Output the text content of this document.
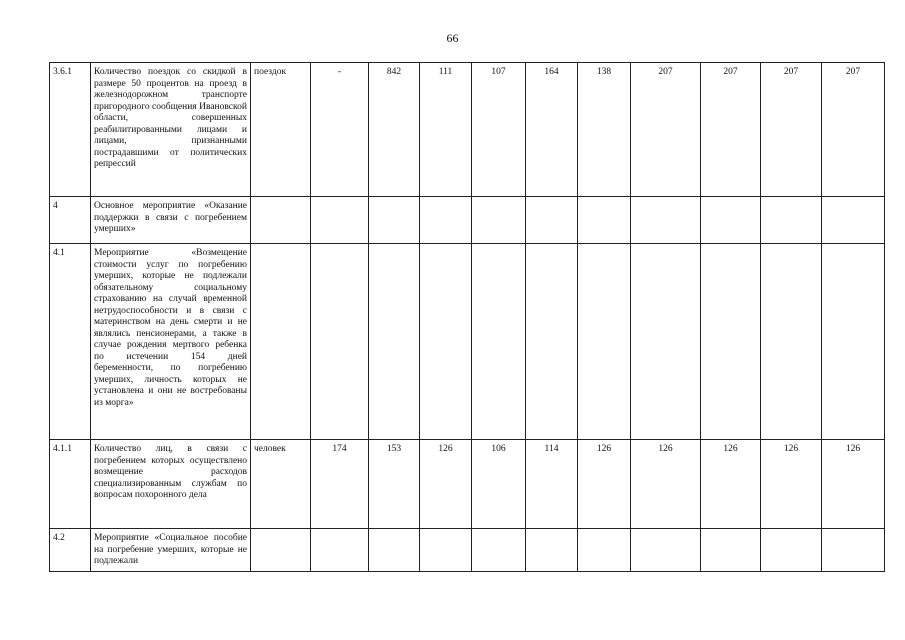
66
3.6.1	Количество поездок со скидкой в размере 50 процентов на проезд в железнодорожном транспорте пригородного сообщения Ивановской области, совершенных реабилитированными лицами и лицами, признанными пострадавшими от политических репрессий	поездок	-	842	111	107	164	138	207	207	207	207
4	Основное мероприятие «Оказание поддержки в связи с погребением умерших»											
4.1	Мероприятие «Возмещение стоимости услуг по погребению умерших, которые не подлежали обязательному социальному страхованию на случай временной нетрудоспособности и в связи с материнством на день смерти и не являлись пенсионерами, а также в случае рождения мертвого ребенка по истечении 154 дней беременности, по погребению умерших, личность которых не установлена и они не востребованы из морга»											
4.1.1	Количество лиц, в связи с погребением которых осуществлено возмещение расходов специализированным службам по вопросам похоронного дела	человек	174	153	126	106	114	126	126	126	126	126
4.2	Мероприятие «Социальное пособие на погребение умерших, которые не подлежали											
